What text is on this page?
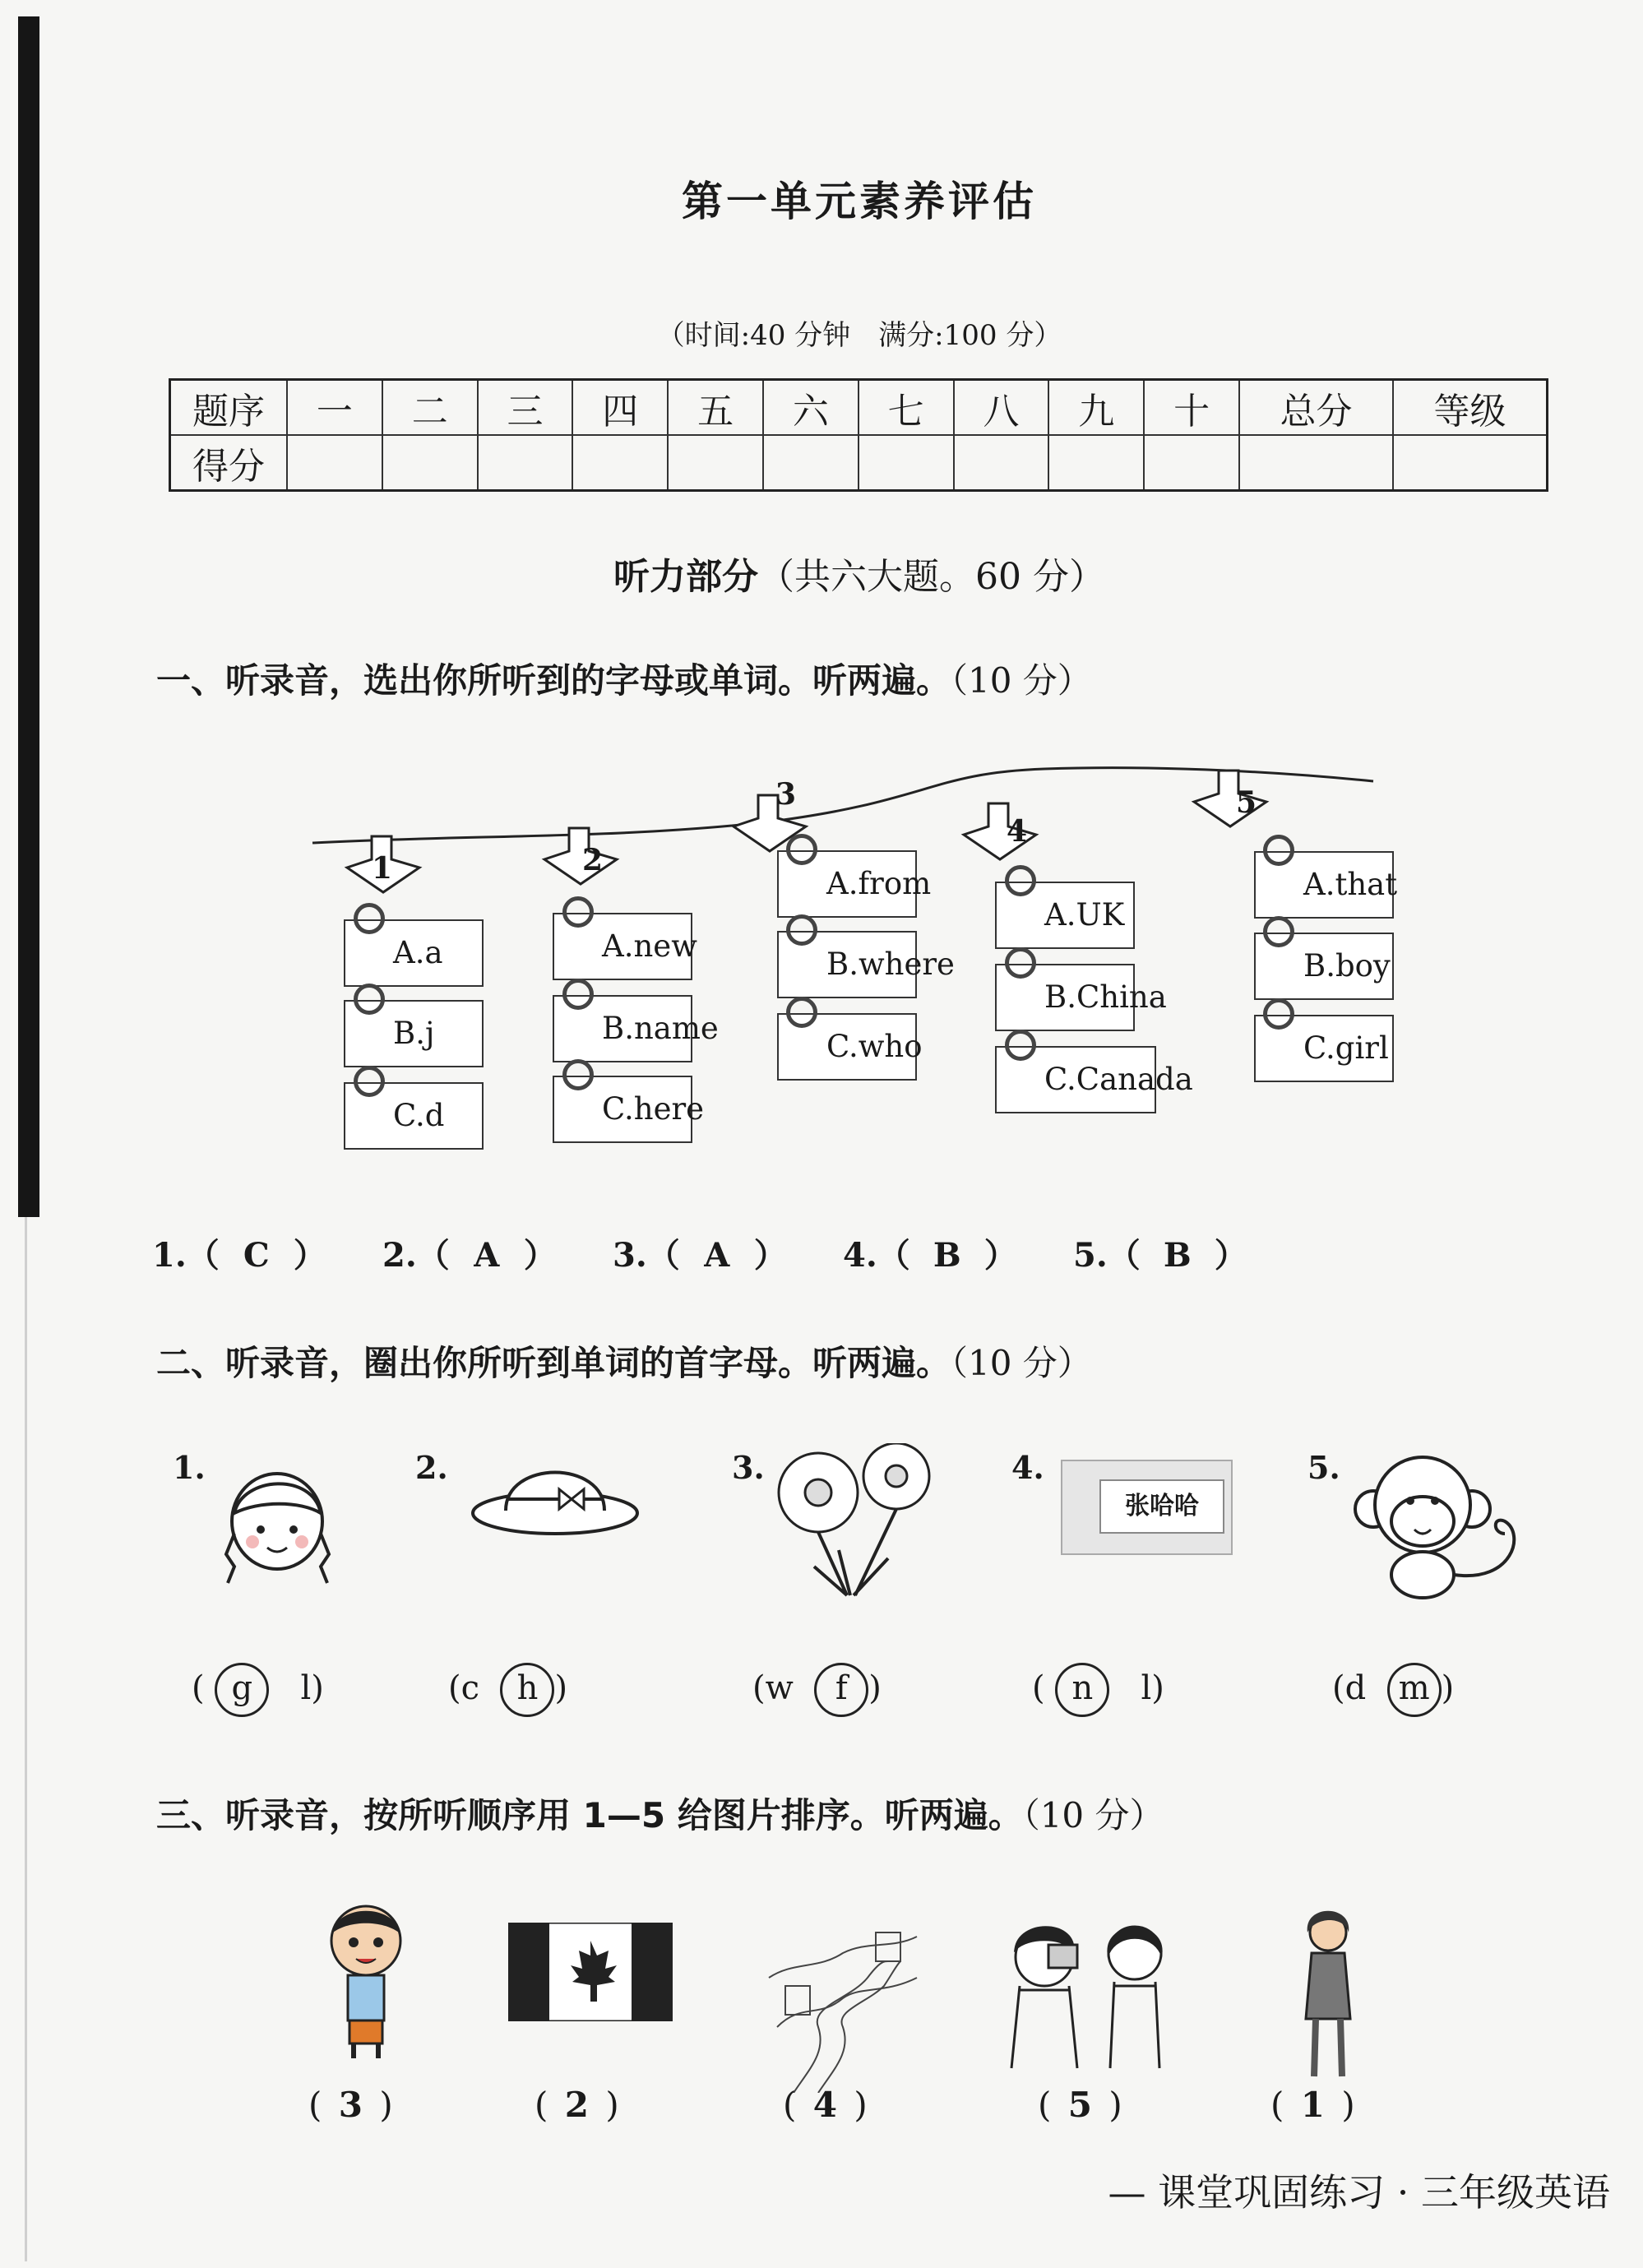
第一单元素养评估
（时间:40 分钟　满分:100 分）
题序	一	二	三	四	五	六	七	八	九	十	总分	等级
得分												
听力部分（共六大题。60 分）
一、听录音，选出你所听到的字母或单词。听两遍。（10 分）
1	2
3
4
5
A.a
B.j
C.d
A.new
B.name
C.here
A.from
B.where
C.who
A.UK
B.China
C.Canada
A.that
B.boy
C.girl
1.（ C ） 2.（ A ） 3.（ A ） 4.（ B ） 5.（ B ）
二、听录音，圈出你所听到单词的首字母。听两遍。（10 分）
1.	2.	3.	4.	5.
张哈哈
( g l)	(c h )	(w f )	( n l)	(d m )
三、听录音，按所听顺序用 1—5 给图片排序。听两遍。（10 分）
( 3 )	( 2 )	( 4 )	( 5 )	( 1 )
— 课堂巩固练习 · 三年级英语
